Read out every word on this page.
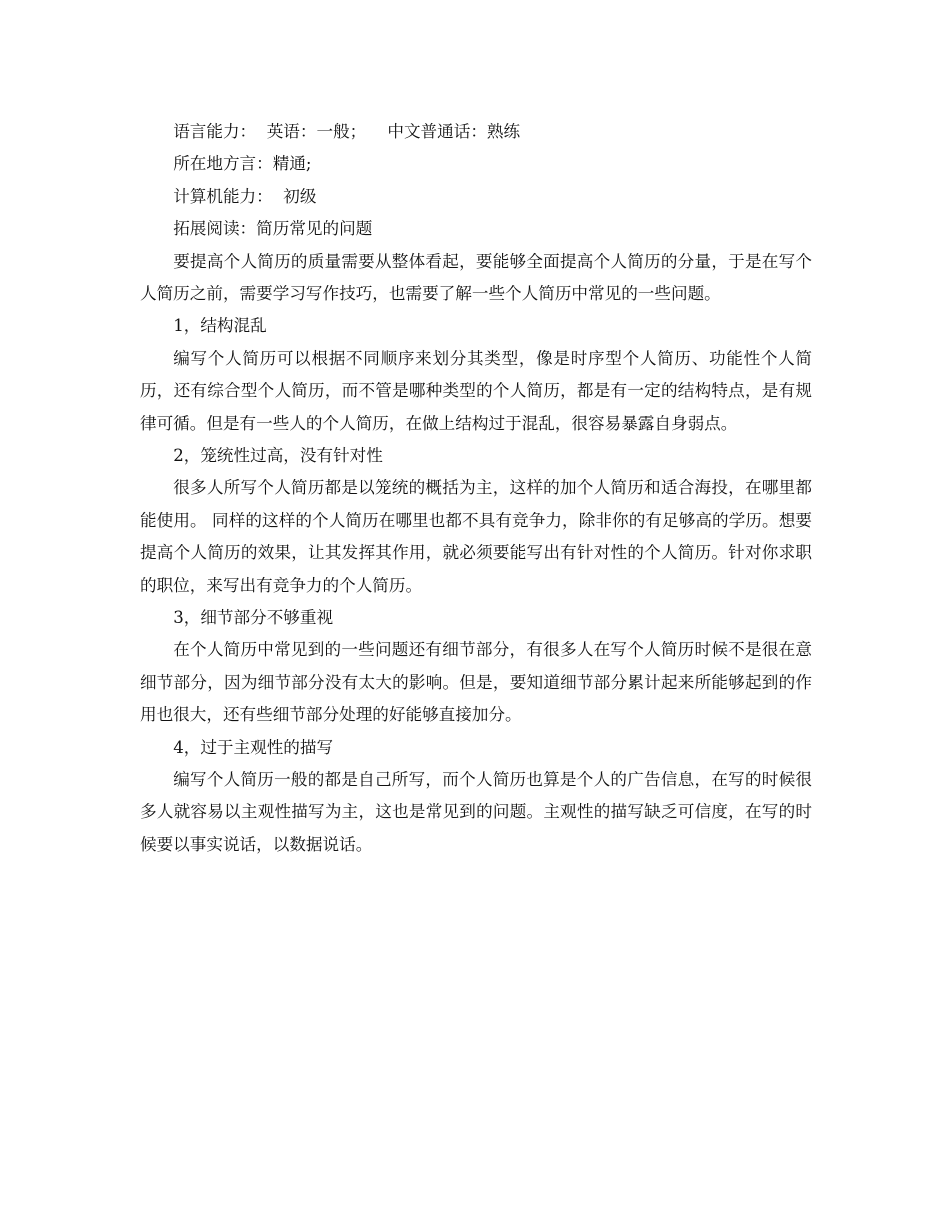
语言能力：  英语：一般；    中文普通话：熟练
所在地方言：精通;
计算机能力：  初级
拓展阅读：简历常见的问题
要提高个人简历的质量需要从整体看起，要能够全面提高个人简历的分量，于是在写个人简历之前，需要学习写作技巧，也需要了解一些个人简历中常见的一些问题。
1，结构混乱
编写个人简历可以根据不同顺序来划分其类型，像是时序型个人简历、功能性个人简历，还有综合型个人简历，而不管是哪种类型的个人简历，都是有一定的结构特点，是有规律可循。但是有一些人的个人简历，在做上结构过于混乱，很容易暴露自身弱点。
2，笼统性过高，没有针对性
很多人所写个人简历都是以笼统的概括为主，这样的加个人简历和适合海投，在哪里都能使用。 同样的这样的个人简历在哪里也都不具有竞争力，除非你的有足够高的学历。想要提高个人简历的效果，让其发挥其作用，就必须要能写出有针对性的个人简历。针对你求职的职位，来写出有竞争力的个人简历。
3，细节部分不够重视
在个人简历中常见到的一些问题还有细节部分，有很多人在写个人简历时候不是很在意细节部分，因为细节部分没有太大的影响。但是，要知道细节部分累计起来所能够起到的作用也很大，还有些细节部分处理的好能够直接加分。
4，过于主观性的描写
编写个人简历一般的都是自己所写，而个人简历也算是个人的广告信息，在写的时候很多人就容易以主观性描写为主，这也是常见到的问题。主观性的描写缺乏可信度，在写的时候要以事实说话，以数据说话。
